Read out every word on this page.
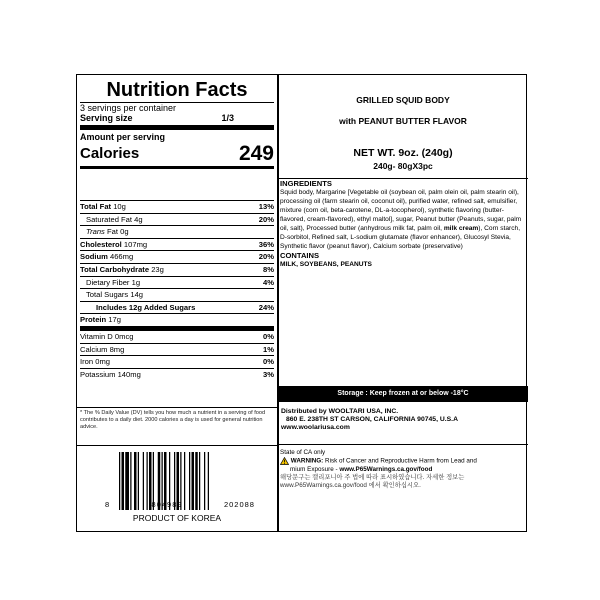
Nutrition Facts
3 servings per container
Serving size	1/3
Amount per serving
Calories	249
Total Fat 10g	13%
Saturated Fat 4g	20%
Trans Fat 0g
Cholesterol 107mg	36%
Sodium 466mg	20%
Total Carbohydrate 23g	8%
Dietary Fiber 1g	4%
Total Sugars 14g
Includes 12g Added Sugars	24%
Protein 17g
Vitamin D 0mcg	0%
Calcium 8mg	1%
Iron 0mg	0%
Potassium 140mg	3%
* The % Daily Value (DV) tells you how much a nutrient in a serving of food contributes to a daily diet. 2000 calories a day is used for general nutrition advice.
8	804989	202088
PRODUCT OF KOREA
GRILLED SQUID BODY
with PEANUT BUTTER FLAVOR
NET WT. 9oz. (240g)
240g- 80gX3pc
INGREDIENTS
Squid body, Margarine [Vegetable oil (soybean oil, palm olein oil, palm stearin oil), processing oil (farm stearin oil, coconut oil), purified water, refined salt, emulsifier, mixture (corn oil, beta-carotene, DL-a-tocopherol), synthetic flavoring (butter-flavored, cream-flavored), ethyl maltol], sugar, Peanut butter (Peanuts, sugar, palm oil, salt), Processed butter (anhydrous milk fat, palm oil, milk cream), Corn starch, D-sorbitol, Refined salt, L-sodium glutamate (flavor enhancer), Glucosyl Stevia, Synthetic flavor (peanut flavor), Calcium sorbate (preservative)
CONTAINS
MILK, SOYBEANS, PEANUTS
Storage : Keep frozen at or below -18°C
Distributed by WOOLTARI USA, INC.
860 E. 238TH ST CARSON, CALIFORNIA 90745, U.S.A
www.woolariusa.com
State of CA only
WARNING: Risk of Cancer and Reproductive Harm from Lead and
mium Exposure - www.P65Warnings.ca.gov/food
해당문구는 캘리포니아 주 법에 따라 표시하였습니다. 자세한 정보는
www.P65Warnings.ca.gov/food 에서 확인하십시오.
